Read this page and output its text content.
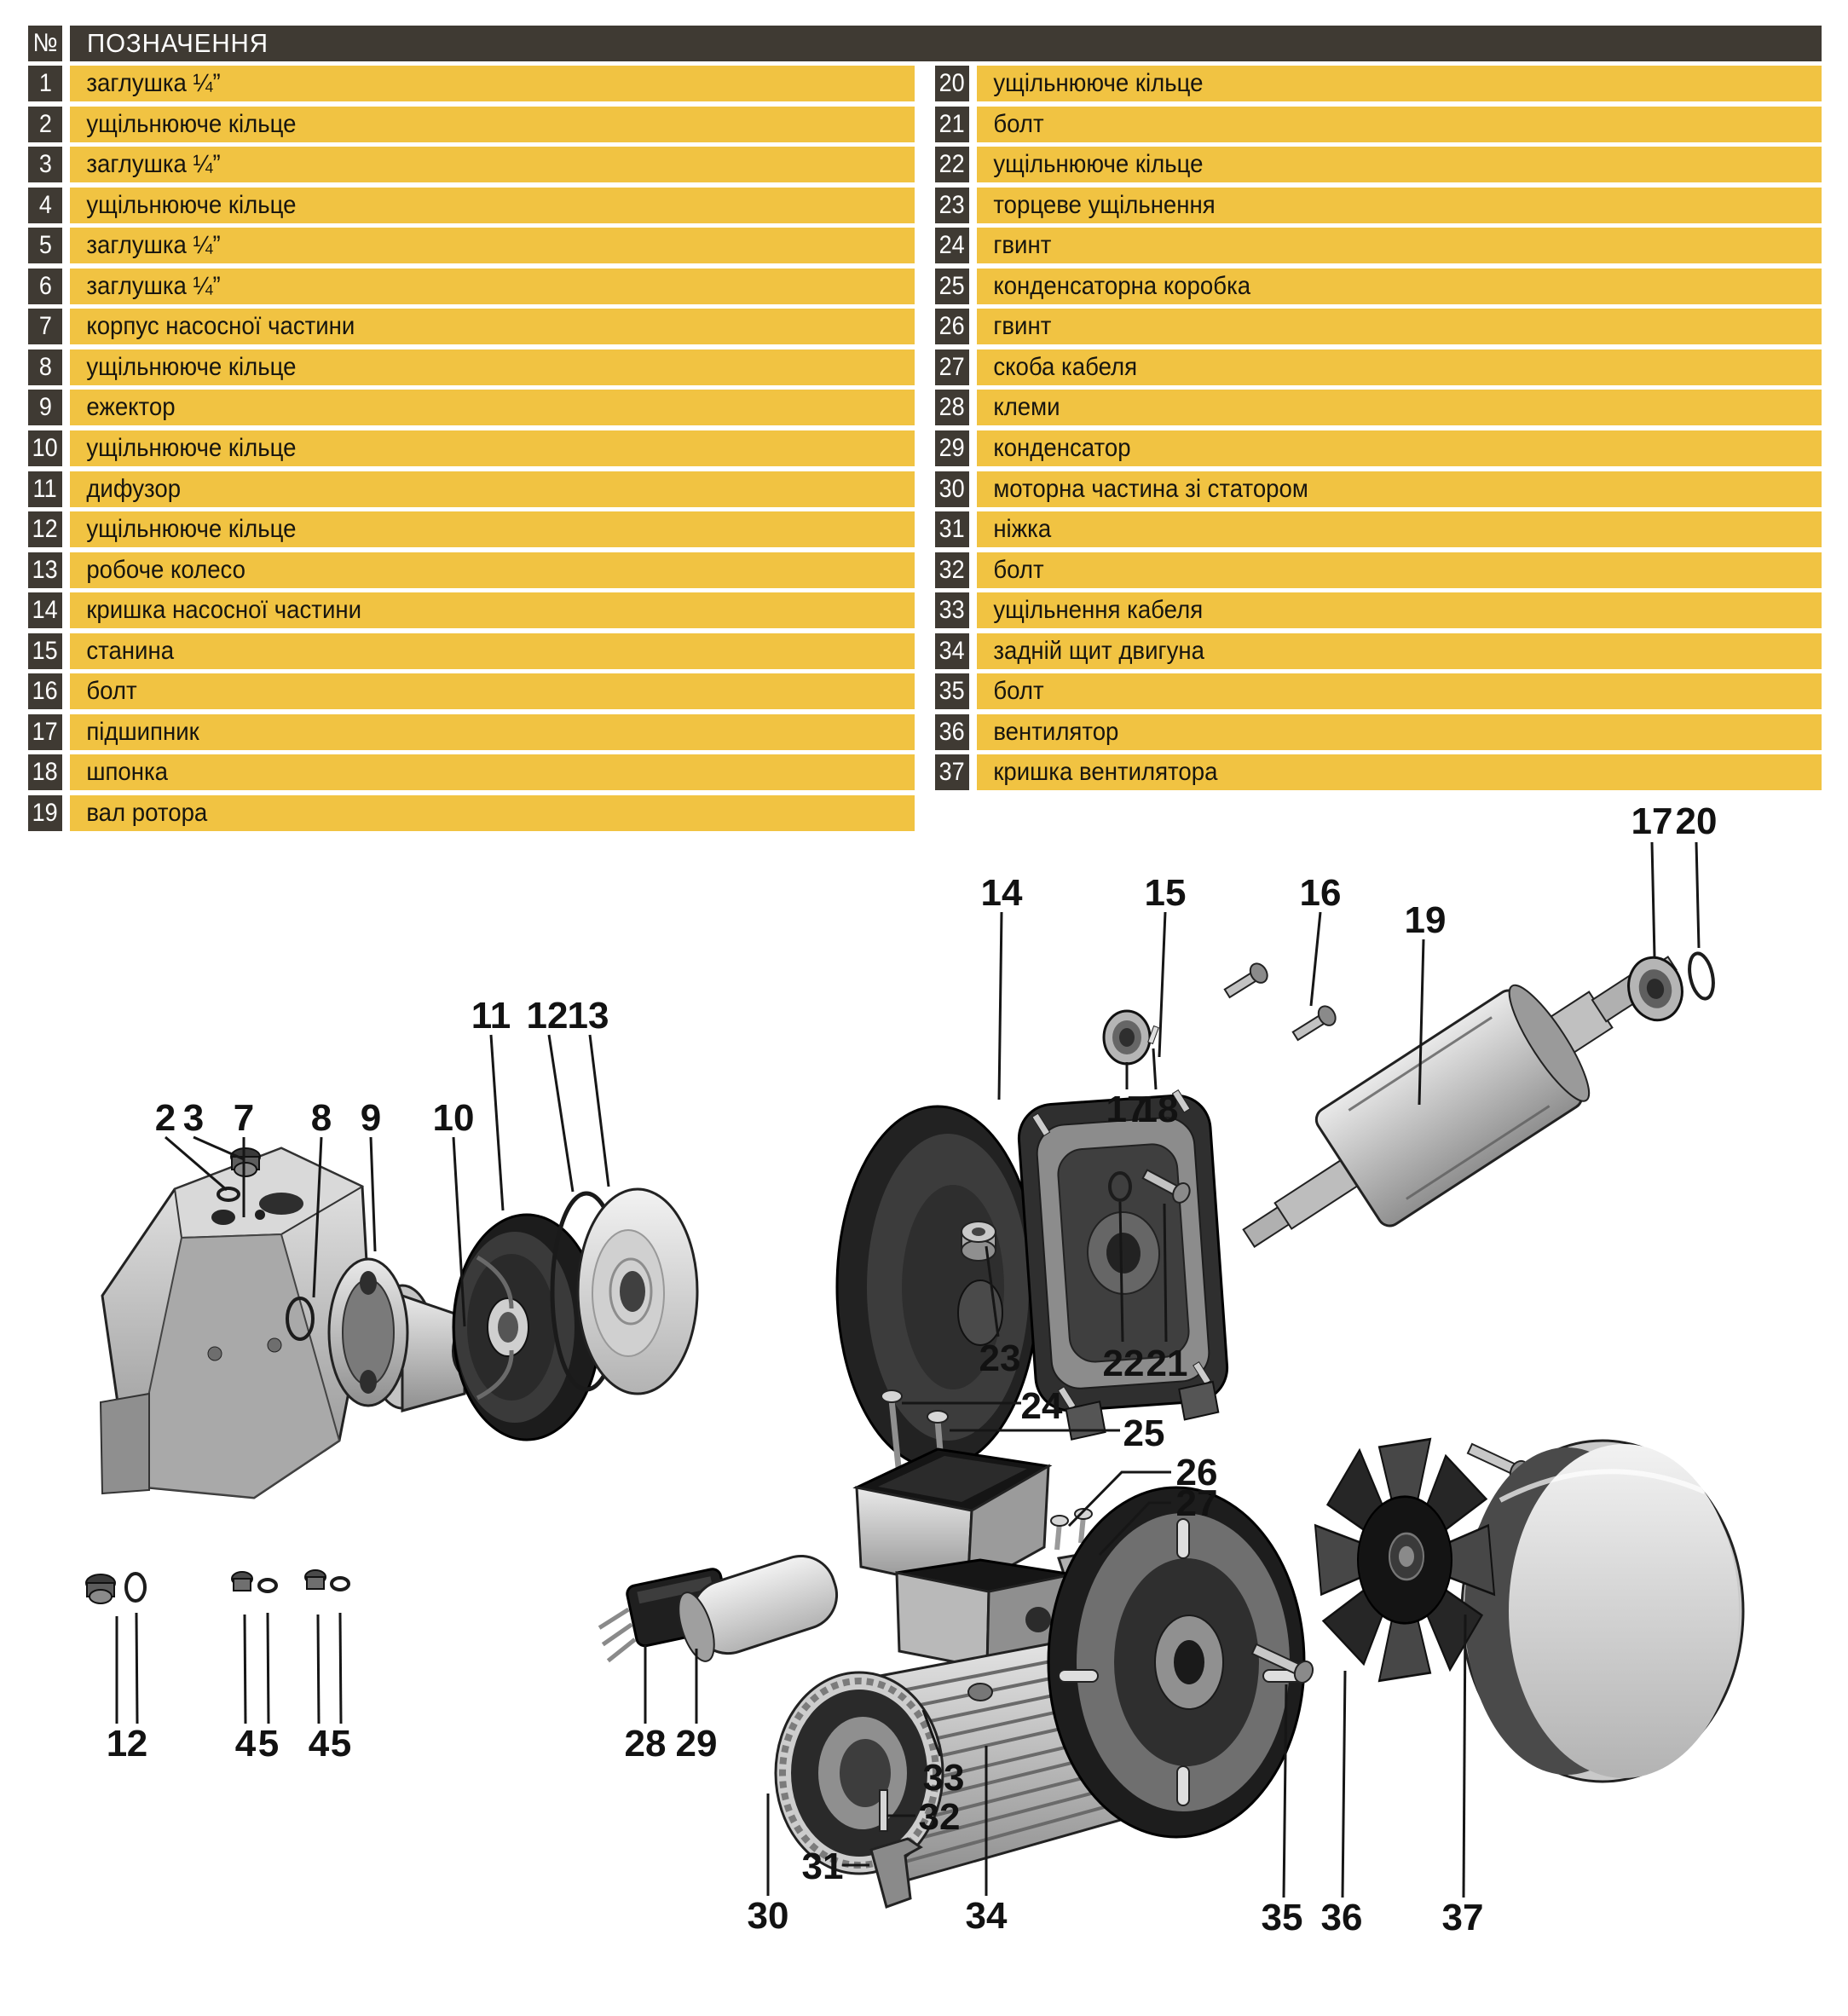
№	ПОЗНАЧЕННЯ
1	заглушка ¼”
2	ущільнююче кільце
3	заглушка ¼”
4	ущільнююче кільце
5	заглушка ¼”
6	заглушка ¼”
7	корпус насосної частини
8	ущільнююче кільце
9	ежектор
10	ущільнююче кільце
11	дифузор
12	ущільнююче кільце
13	робоче колесо
14	кришка насосної частини
15	станина
16	болт
17	підшипник
18	шпонка
19	вал ротора
20	ущільнююче кільце
21	болт
22	ущільнююче кільце
23	торцеве ущільнення
24	гвинт
25	конденсаторна коробка
26	гвинт
27	скоба кабеля
28	клеми
29	конденсатор
30	моторна частина зі статором
31	ніжка
32	болт
33	ущільнення кабеля
34	задній щит двигуна
35	болт
36	вентилятор
37	кришка вентилятора
2 3 7 8 9 10
11 12 13
14	15	16
19
17 20
17
18
23 22 21
24
25
26
27
28 29
30
31
32
33
34	35 36 37
1 2 4 5 4 5
